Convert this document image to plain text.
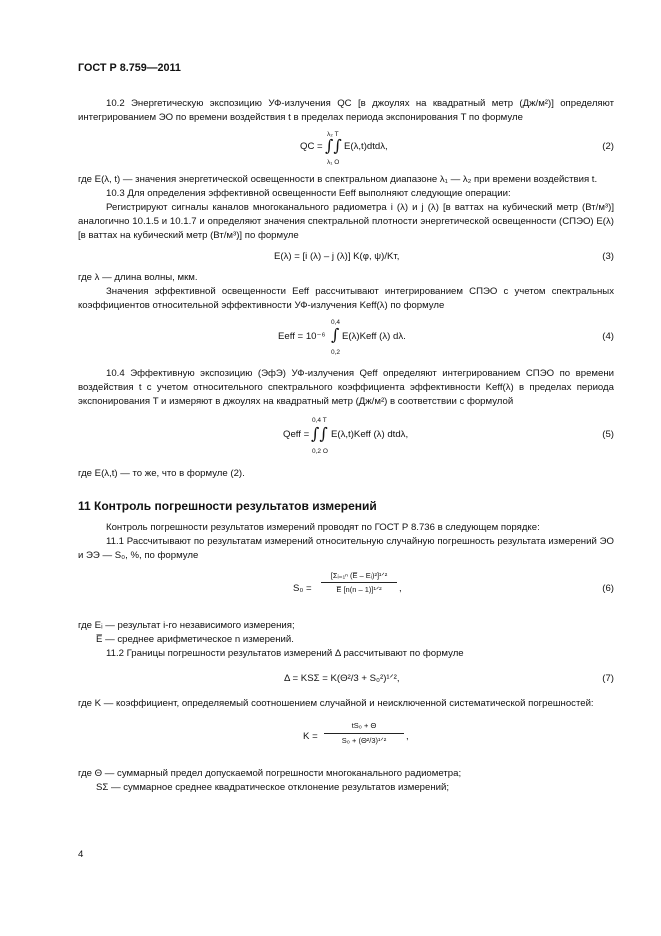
ГОСТ Р 8.759—2011

10.2 Энергетическую экспозицию УФ-излучения QС [в джоулях на квадратный метр (Дж/м²)] определяют интегрированием ЭО по времени воздействия t в пределах периода экспонирования T по формуле

QС =
λ₂ T
∫∫
λ₁ O
E(λ,t)dtdλ,	(2)

где E(λ, t) — значения энергетической освещенности в спектральном диапазоне λ₁ — λ₂ при времени воздействия t.

10.3 Для определения эффективной освещенности Eeff выполняют следующие операции:

Регистрируют сигналы каналов многоканального радиометра i (λ) и j (λ) [в ваттах на кубический метр (Вт/м³)] аналогично 10.1.5 и 10.1.7 и определяют значения спектральной плотности энергетической освещенности (СПЭО) E(λ) [в ваттах на кубический метр (Вт/м³)] по формуле

E(λ) = [i (λ) – j (λ)] K(φ, ψ)/Kт,	(3)

где λ — длина волны, мкм.

Значения эффективной освещенности Eeff рассчитывают интегрированием СПЭО с учетом спектральных коэффициентов относительной эффективности УФ-излучения Keff(λ) по формуле

Eeff = 10⁻⁶
0,4
∫
0,2
E(λ)Keff (λ) dλ.	(4)

10.4 Эффективную экспозицию (ЭфЭ) УФ-излучения Qeff определяют интегрированием СПЭО по времени воздействия t с учетом относительного спектрального коэффициента эффективности Keff(λ) в пределах периода экспонирования T и измеряют в джоулях на квадратный метр (Дж/м²) в соответствии с формулой

Qeff =
0,4 T
∫∫
0,2 O
E(λ,t)Keff (λ) dtdλ,	(5)

где E(λ,t) — то же, что в формуле (2).

11 Контроль погрешности результатов измерений

Контроль погрешности результатов измерений проводят по ГОСТ Р 8.736 в следующем порядке:

11.1 Рассчитывают по результатам измерений относительную случайную погрешность результата измерений ЭО и ЭЭ — S₀, %, по формуле

S₀ =
[Σᵢ₌₁ⁿ (E̅ – Eᵢ)²]¹ᐟ²
E̅ [n(n – 1)]¹ᐟ²	,	(6)

где Eᵢ — результат i-го независимого измерения;

E̅ — среднее арифметическое n измерений.

11.2 Границы погрешности результатов измерений Δ рассчитывают по формуле

Δ = KSΣ = K(Θ²/3 + S₀²)¹ᐟ²,	(7)

где K — коэффициент, определяемый соотношением случайной и неисключенной систематической погрешностей:

K =
tS₀ + Θ
S₀ + (Θ²/3)¹ᐟ²	,

где Θ — суммарный предел допускаемой погрешности многоканального радиометра;

SΣ — суммарное среднее квадратическое отклонение результатов измерений;

4
